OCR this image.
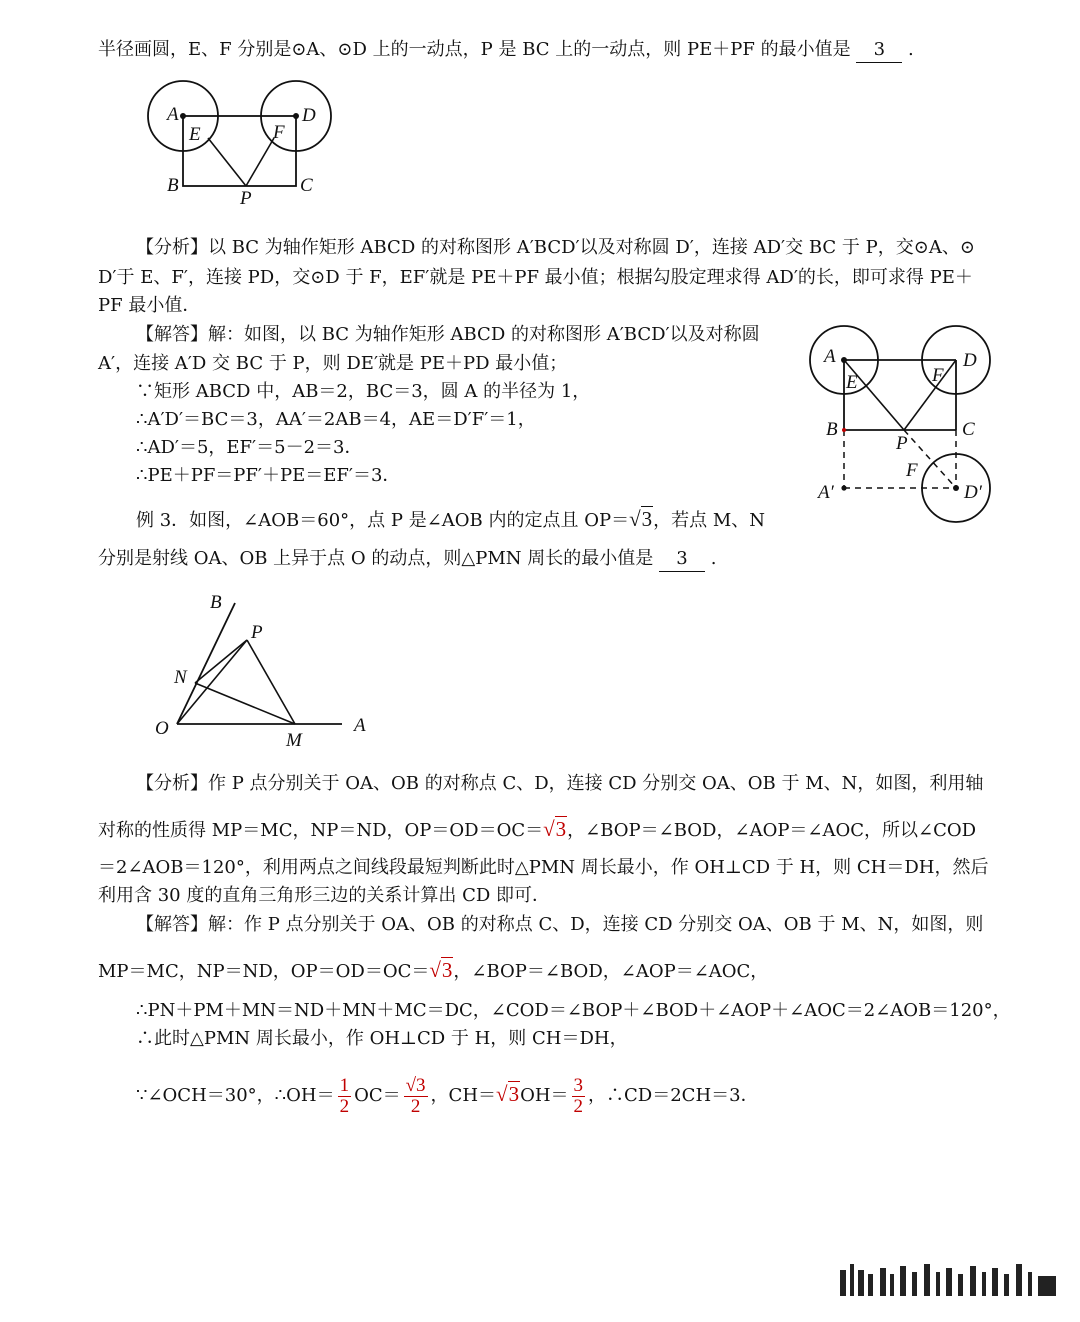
半径画圆，E、F 分别是⊙A、⊙D 上的一动点，P 是 BC 上的一动点，则 PE＋PF 的最小值是 3 .
A	D
E	F
B
P
C
【分析】以 BC 为轴作矩形 ABCD 的对称图形 A′BCD′以及对称圆 D′，连接 AD′交 BC 于 P，交⊙A、⊙
D′于 E、F′，连接 PD，交⊙D 于 F，EF′就是 PE＋PF 最小值；根据勾股定理求得 AD′的长，即可求得 PE＋
PF 最小值．
【解答】解：如图，以 BC 为轴作矩形 ABCD 的对称图形 A′BCD′以及对称圆
A′，连接 A′D 交 BC 于 P，则 DE′就是 PE＋PD 最小值；
∵矩形 ABCD 中，AB＝2，BC＝3，圆 A 的半径为 1，
∴A′D′＝BC＝3，AA′＝2AB＝4，AE＝D′F′＝1，
∴AD′＝5，EF′＝5－2＝3．
∴PE＋PF＝PF′＋PE＝EF′＝3．
A	D
E	F
B	C
P
F
A′	D′
例 3．如图，∠AOB＝60°，点 P 是∠AOB 内的定点且 OP＝√3，若点 M、N
分别是射线 OA、OB 上异于点 O 的动点，则△PMN 周长的最小值是 3 .
B
P
N
O
M
A
【分析】作 P 点分别关于 OA、OB 的对称点 C、D，连接 CD 分别交 OA、OB 于 M、N，如图，利用轴
对称的性质得 MP＝MC，NP＝ND，OP＝OD＝OC＝√3，∠BOP＝∠BOD，∠AOP＝∠AOC，所以∠COD
＝2∠AOB＝120°，利用两点之间线段最短判断此时△PMN 周长最小，作 OH⊥CD 于 H，则 CH＝DH，然后
利用含 30 度的直角三角形三边的关系计算出 CD 即可．
【解答】解：作 P 点分别关于 OA、OB 的对称点 C、D，连接 CD 分别交 OA、OB 于 M、N，如图，则
MP＝MC，NP＝ND，OP＝OD＝OC＝√3，∠BOP＝∠BOD，∠AOP＝∠AOC，
∴PN＋PM＋MN＝ND＋MN＋MC＝DC，∠COD＝∠BOP＋∠BOD＋∠AOP＋∠AOC＝2∠AOB＝120°，
∴此时△PMN 周长最小，作 OH⊥CD 于 H，则 CH＝DH，
∵∠OCH＝30°，∴OH＝ $\frac{1}{2} OC= \frac{√3}{2}$ ，$CH=√3OH= \frac{3}{2}$ ，∴CD＝2CH＝3．
